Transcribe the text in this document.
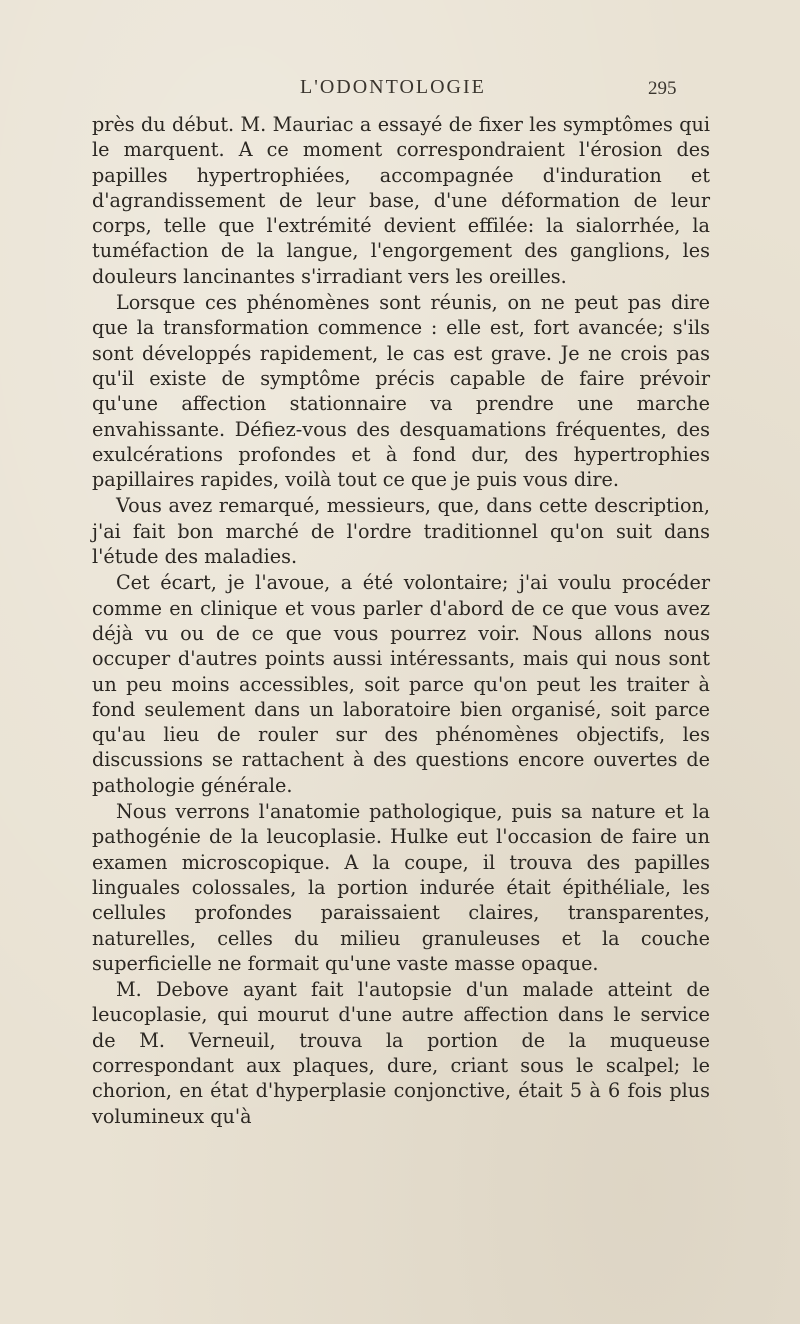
L'ODONTOLOGIE	295

près du début. M. Mauriac a essayé de fixer les symptômes qui le marquent. A ce moment correspondraient l'érosion des papilles hypertrophiées, accompagnée d'induration et d'agrandissement de leur base, d'une déformation de leur corps, telle que l'extrémité devient effilée: la sialorrhée, la tuméfaction de la langue, l'engorgement des ganglions, les douleurs lancinantes s'irradiant vers les oreilles.

Lorsque ces phénomènes sont réunis, on ne peut pas dire que la transformation commence : elle est, fort avancée; s'ils sont développés rapidement, le cas est grave. Je ne crois pas qu'il existe de symptôme précis capable de faire prévoir qu'une affection stationnaire va prendre une marche envahissante. Défiez-vous des desquamations fréquentes, des exulcérations profondes et à fond dur, des hypertrophies papillaires rapides, voilà tout ce que je puis vous dire.

Vous avez remarqué, messieurs, que, dans cette description, j'ai fait bon marché de l'ordre traditionnel qu'on suit dans l'étude des maladies.

Cet écart, je l'avoue, a été volontaire; j'ai voulu procéder comme en clinique et vous parler d'abord de ce que vous avez déjà vu ou de ce que vous pourrez voir. Nous allons nous occuper d'autres points aussi intéressants, mais qui nous sont un peu moins accessibles, soit parce qu'on peut les traiter à fond seulement dans un laboratoire bien organisé, soit parce qu'au lieu de rouler sur des phénomènes objectifs, les discussions se rattachent à des questions encore ouvertes de pathologie générale.

Nous verrons l'anatomie pathologique, puis sa nature et la pathogénie de la leucoplasie. Hulke eut l'occasion de faire un examen microscopique. A la coupe, il trouva des papilles linguales colossales, la portion indurée était épithéliale, les cellules profondes paraissaient claires, transparentes, naturelles, celles du milieu granuleuses et la couche superficielle ne formait qu'une vaste masse opaque.

M. Debove ayant fait l'autopsie d'un malade atteint de leucoplasie, qui mourut d'une autre affection dans le service de M. Verneuil, trouva la portion de la muqueuse correspondant aux plaques, dure, criant sous le scalpel; le chorion, en état d'hyperplasie conjonctive, était 5 à 6 fois plus volumineux qu'à
